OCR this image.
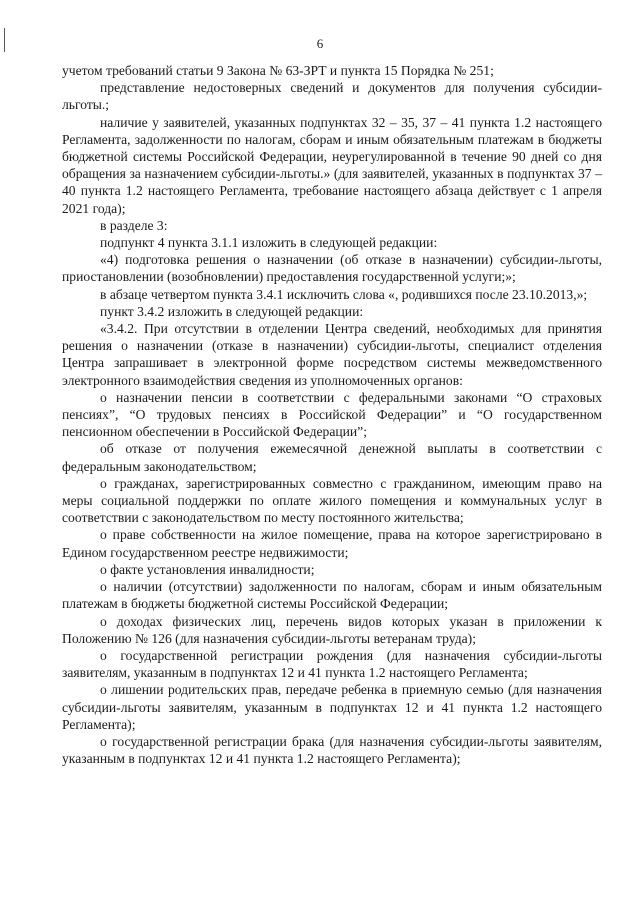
6

учетом требований статьи 9 Закона № 63-ЗРТ и пункта 15 Порядка № 251;

представление недостоверных сведений и документов для получения субсидии-льготы.;

наличие у заявителей, указанных подпунктах 32 – 35, 37 – 41 пункта 1.2 настоящего Регламента, задолженности по налогам, сборам и иным обязательным платежам в бюджеты бюджетной системы Российской Федерации, неурегулированной в течение 90 дней со дня обращения за назначением субсидии-льготы.» (для заявителей, указанных в подпунктах 37 – 40 пункта 1.2 настоящего Регламента, требование настоящего абзаца действует с 1 апреля 2021 года);

в разделе 3:

подпункт 4 пункта 3.1.1 изложить в следующей редакции:

«4) подготовка решения о назначении (об отказе в назначении) субсидии-льготы, приостановлении (возобновлении) предоставления государственной услуги;»;

в абзаце четвертом пункта 3.4.1 исключить слова «, родившихся после 23.10.2013,»;

пункт 3.4.2 изложить в следующей редакции:

«3.4.2. При отсутствии в отделении Центра сведений, необходимых для принятия решения о назначении (отказе в назначении) субсидии-льготы, специалист отделения Центра запрашивает в электронной форме посредством системы межведомственного электронного взаимодействия сведения из уполномоченных органов:

о назначении пенсии в соответствии с федеральными законами “О страховых пенсиях”, “О трудовых пенсиях в Российской Федерации” и “О государственном пенсионном обеспечении в Российской Федерации”;

об отказе от получения ежемесячной денежной выплаты в соответствии с федеральным законодательством;

о гражданах, зарегистрированных совместно с гражданином, имеющим право на меры социальной поддержки по оплате жилого помещения и коммунальных услуг в соответствии с законодательством по месту постоянного жительства;

о праве собственности на жилое помещение, права на которое зарегистрировано в Едином государственном реестре недвижимости;

о факте установления инвалидности;

о наличии (отсутствии) задолженности по налогам, сборам и иным обязательным платежам в бюджеты бюджетной системы Российской Федерации;

о доходах физических лиц, перечень видов которых указан в приложении к Положению № 126 (для назначения субсидии-льготы ветеранам труда);

о государственной регистрации рождения (для назначения субсидии-льготы заявителям, указанным в подпунктах 12 и 41 пункта 1.2 настоящего Регламента;

о лишении родительских прав, передаче ребенка в приемную семью (для назначения субсидии-льготы заявителям, указанным в подпунктах 12 и 41 пункта 1.2 настоящего Регламента);

о государственной регистрации брака (для назначения субсидии-льготы заявителям, указанным в подпунктах 12 и 41 пункта 1.2 настоящего Регламента);
